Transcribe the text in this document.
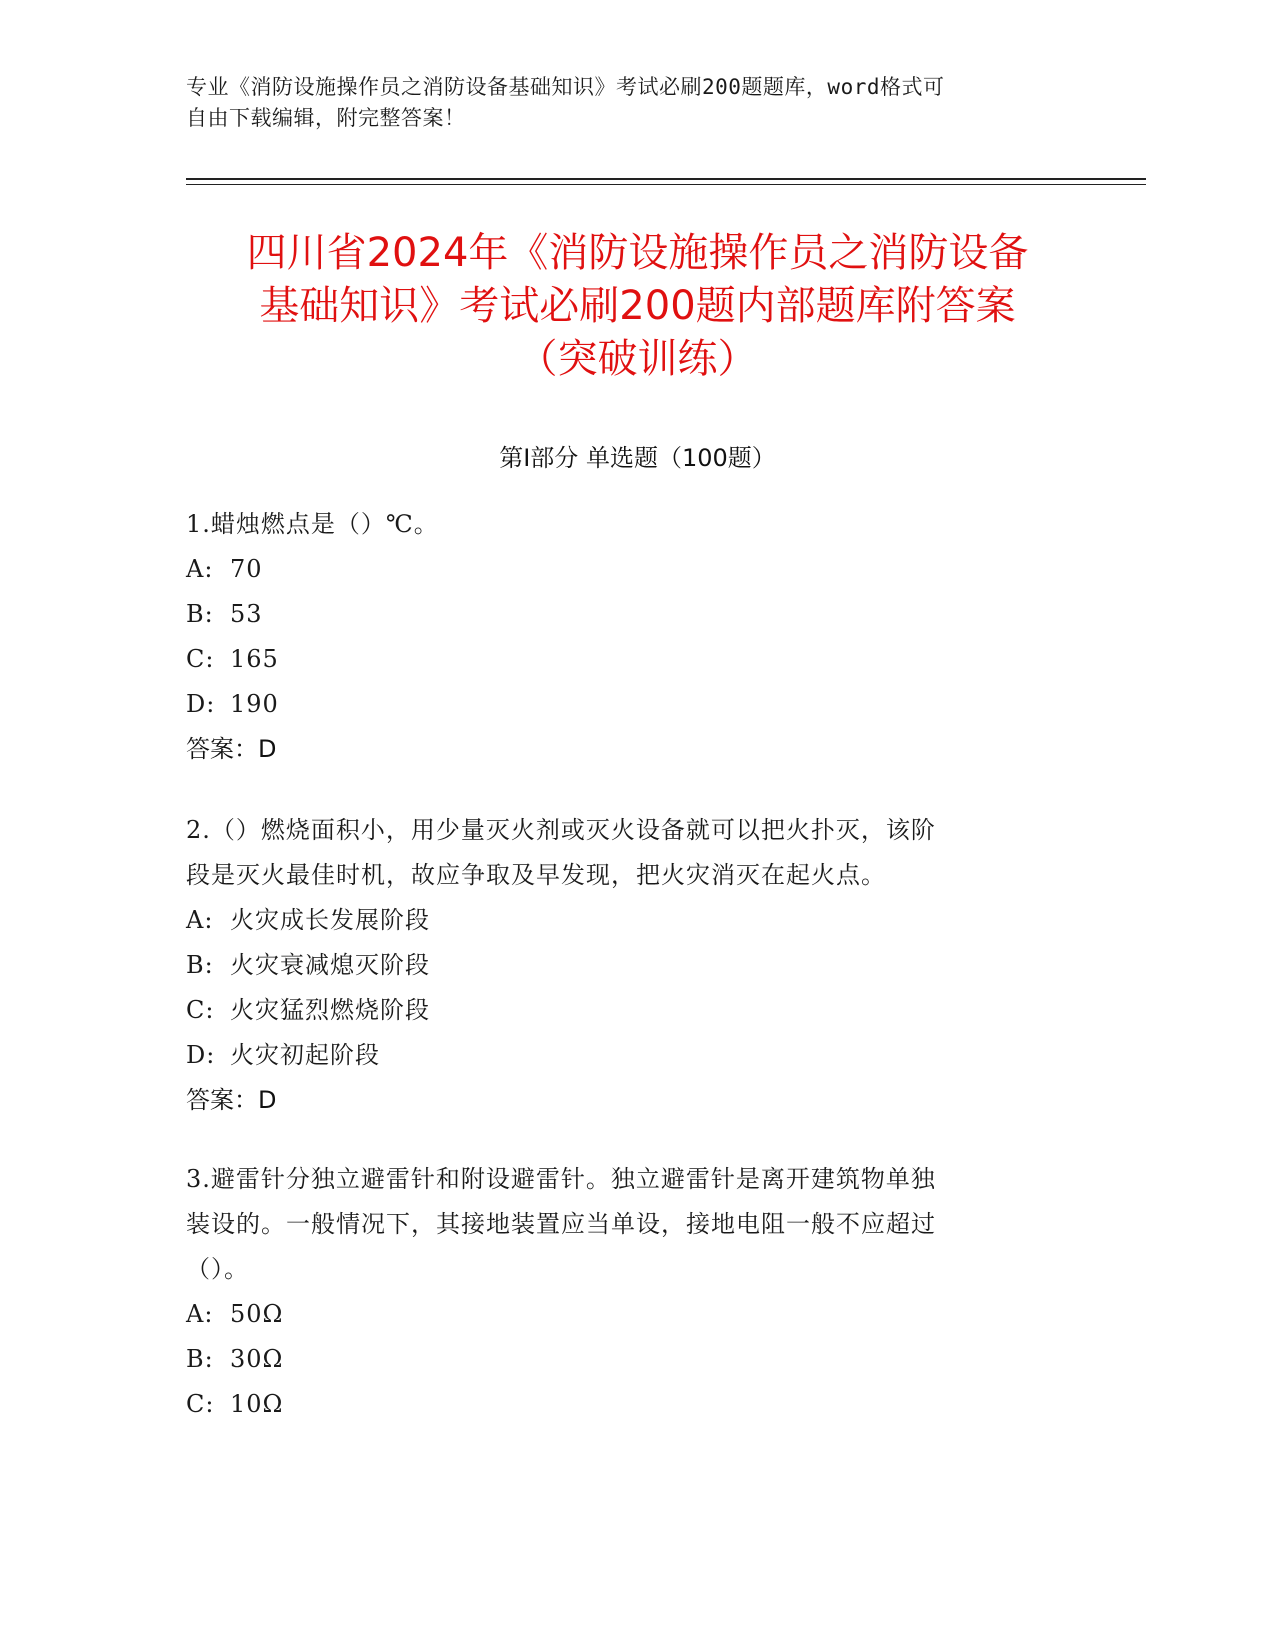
专业《消防设施操作员之消防设备基础知识》考试必刷200题题库，word格式可
自由下载编辑，附完整答案！
四川省2024年《消防设施操作员之消防设备
基础知识》考试必刷200题内部题库附答案
（突破训练）
第Ⅰ部分 单选题（100题）
1.蜡烛燃点是（）℃。
A: 70
B: 53
C: 165
D: 190
答案：D
2.（）燃烧面积小，用少量灭火剂或灭火设备就可以把火扑灭，该阶
段是灭火最佳时机，故应争取及早发现，把火灾消灭在起火点。
A: 火灾成长发展阶段
B: 火灾衰减熄灭阶段
C: 火灾猛烈燃烧阶段
D: 火灾初起阶段
答案：D
3.避雷针分独立避雷针和附设避雷针。独立避雷针是离开建筑物单独
装设的。一般情况下，其接地装置应当单设，接地电阻一般不应超过
（）。
A: 50Ω
B: 30Ω
C: 10Ω
